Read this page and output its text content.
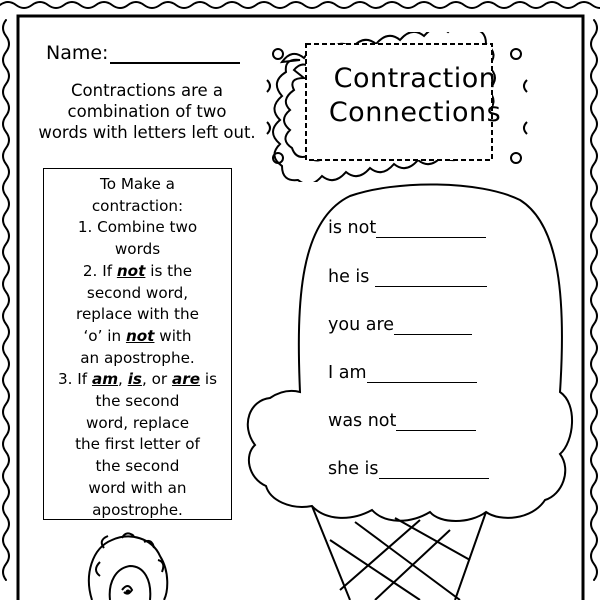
Name:
Contractions are a
combination of two
words with letters left out.
To Make a
contraction:
1. Combine two
words
2. If not is the
second word,
replace with the
‘o’ in not with
an apostrophe.
3. If am, is, or are is
the second
word, replace
the first letter of
the second
word with an
apostrophe.
Contraction
Connections
is not
he is
you are
I am
was not
she is
